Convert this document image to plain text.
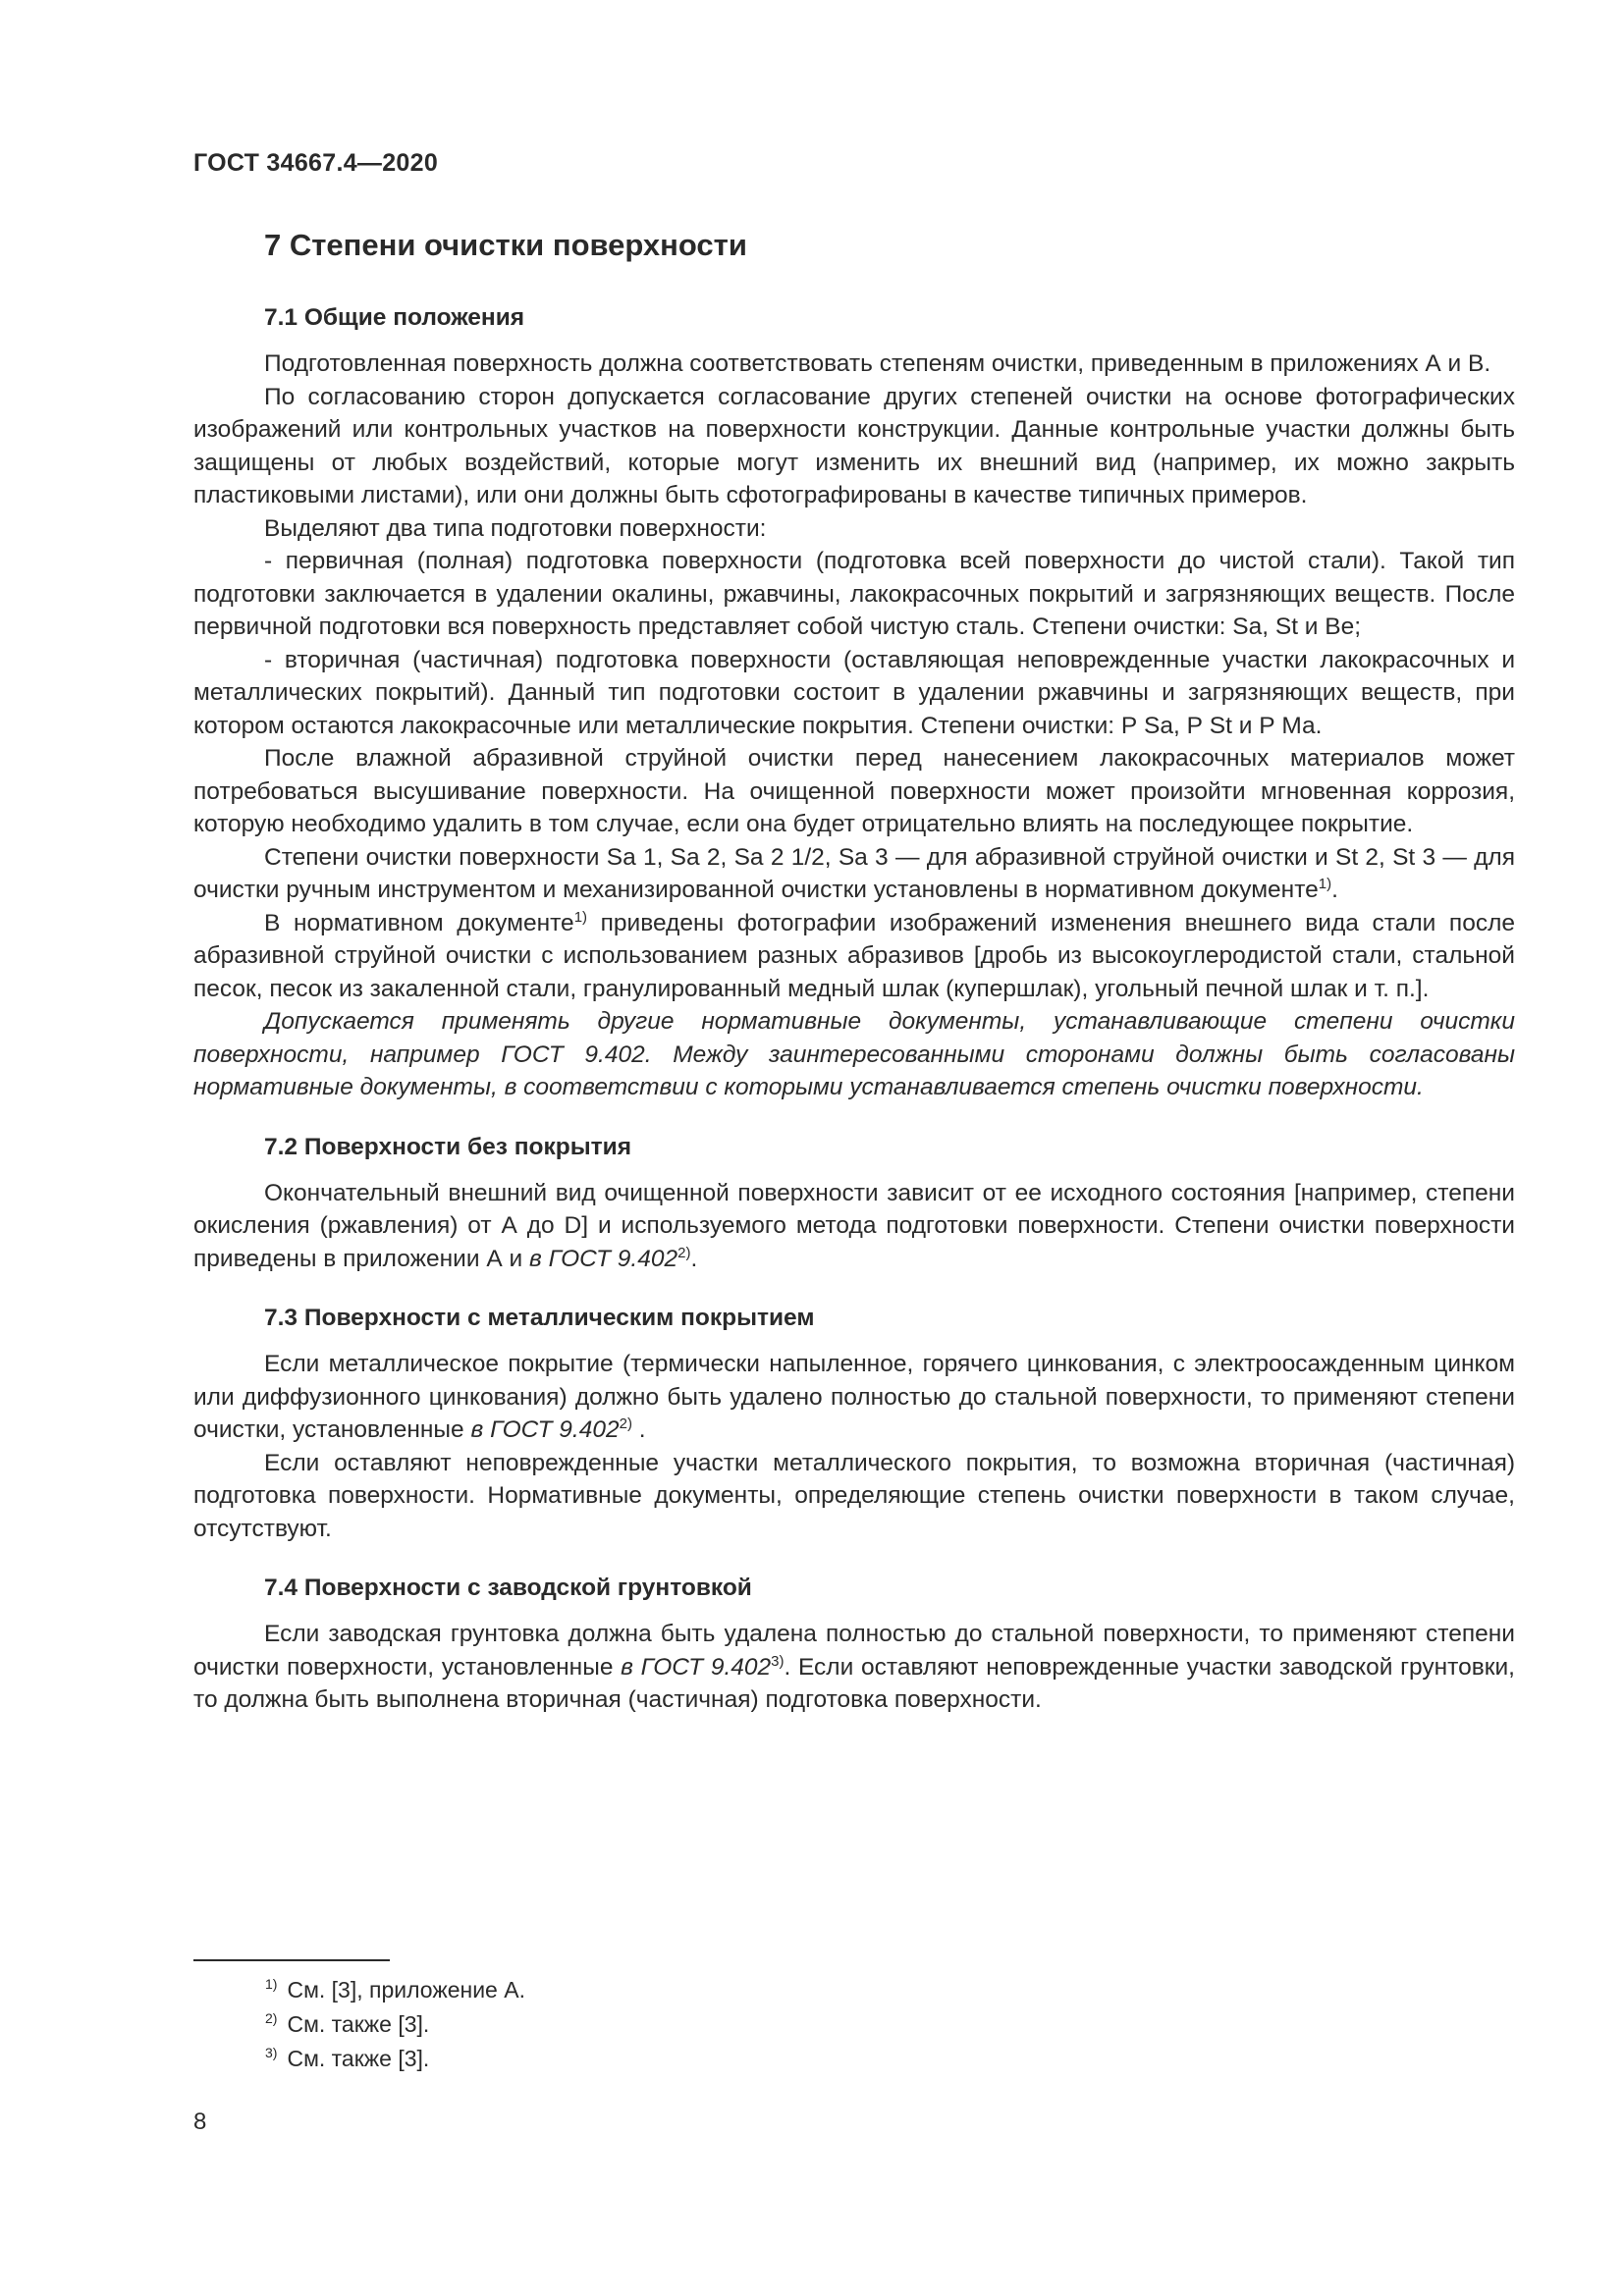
ГОСТ 34667.4—2020
7 Степени очистки поверхности
7.1 Общие положения

Подготовленная поверхность должна соответствовать степеням очистки, приведенным в приложениях А и В.

По согласованию сторон допускается согласование других степеней очистки на основе фотографических изображений или контрольных участков на поверхности конструкции. Данные контрольные участки должны быть защищены от любых воздействий, которые могут изменить их внешний вид (например, их можно закрыть пластиковыми листами), или они должны быть сфотографированы в качестве типичных примеров.

Выделяют два типа подготовки поверхности:

- первичная (полная) подготовка поверхности (подготовка всей поверхности до чистой стали). Такой тип подготовки заключается в удалении окалины, ржавчины, лакокрасочных покрытий и загрязняющих веществ. После первичной подготовки вся поверхность представляет собой чистую сталь. Степени очистки: Sa, St и Be;

- вторичная (частичная) подготовка поверхности (оставляющая неповрежденные участки лакокрасочных и металлических покрытий). Данный тип подготовки состоит в удалении ржавчины и загрязняющих веществ, при котором остаются лакокрасочные или металлические покрытия. Степени очистки: Р Sa, Р St и Р Ма.

После влажной абразивной струйной очистки перед нанесением лакокрасочных материалов может потребоваться высушивание поверхности. На очищенной поверхности может произойти мгновенная коррозия, которую необходимо удалить в том случае, если она будет отрицательно влиять на последующее покрытие.

Степени очистки поверхности Sa 1, Sa 2, Sa 2 1/2, Sa 3 — для абразивной струйной очистки и St 2, St 3 — для очистки ручным инструментом и механизированной очистки установлены в нормативном документе$^{1)}$.

В нормативном документе$^{1)}$ приведены фотографии изображений изменения внешнего вида стали после абразивной струйной очистки с использованием разных абразивов [дробь из высокоуглеродистой стали, стальной песок, песок из закаленной стали, гранулированный медный шлак (купершлак), угольный печной шлак и т. п.].

Допускается применять другие нормативные документы, устанавливающие степени очистки поверхности, например ГОСТ 9.402. Между заинтересованными сторонами должны быть согласованы нормативные документы, в соответствии с которыми устанавливается степень очистки поверхности.

7.2 Поверхности без покрытия

Окончательный внешний вид очищенной поверхности зависит от ее исходного состояния [например, степени окисления (ржавления) от А до D] и используемого метода подготовки поверхности. Степени очистки поверхности приведены в приложении А и в ГОСТ 9.402$^{2)}$.

7.3 Поверхности с металлическим покрытием

Если металлическое покрытие (термически напыленное, горячего цинкования, с электроосажденным цинком или диффузионного цинкования) должно быть удалено полностью до стальной поверхности, то применяют степени очистки, установленные в ГОСТ 9.402$^{2)}$ .

Если оставляют неповрежденные участки металлического покрытия, то возможна вторичная (частичная) подготовка поверхности. Нормативные документы, определяющие степень очистки поверхности в таком случае, отсутствуют.

7.4 Поверхности с заводской грунтовкой

Если заводская грунтовка должна быть удалена полностью до стальной поверхности, то применяют степени очистки поверхности, установленные в ГОСТ 9.402$^{3)}$. Если оставляют неповрежденные участки заводской грунтовки, то должна быть выполнена вторичная (частичная) подготовка поверхности.

$^{1)}$ См. [3], приложение А.

$^{2)}$ См. также [3].

$^{3)}$ См. также [3].

8
